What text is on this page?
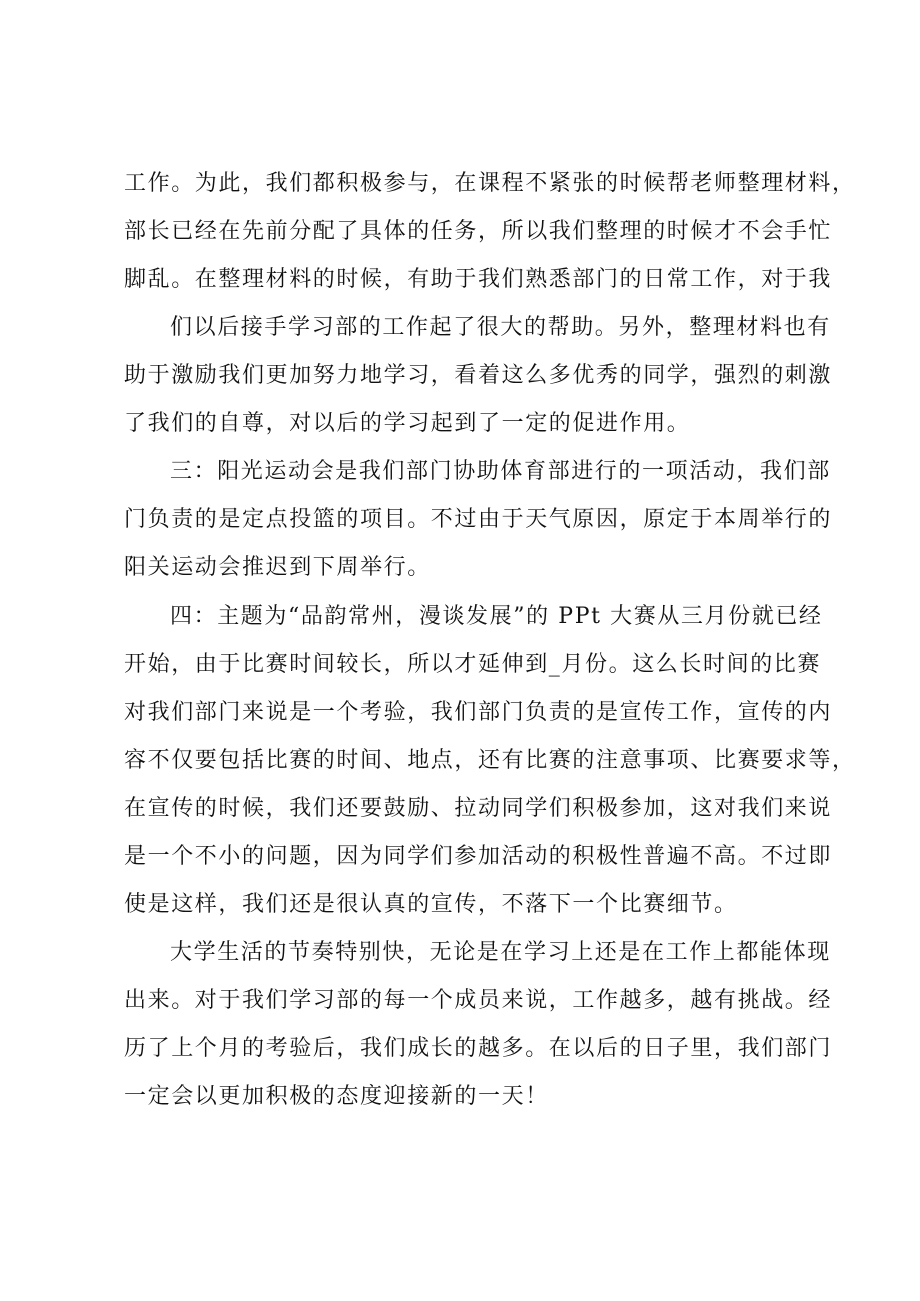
工作。为此，我们都积极参与，在课程不紧张的时候帮老师整理材料，
部长已经在先前分配了具体的任务，所以我们整理的时候才不会手忙
脚乱。在整理材料的时候，有助于我们熟悉部门的日常工作，对于我
们以后接手学习部的工作起了很大的帮助。另外，整理材料也有
助于激励我们更加努力地学习，看着这么多优秀的同学，强烈的刺激
了我们的自尊，对以后的学习起到了一定的促进作用。
三：阳光运动会是我们部门协助体育部进行的一项活动，我们部
门负责的是定点投篮的项目。不过由于天气原因，原定于本周举行的
阳关运动会推迟到下周举行。
四：主题为“品韵常州，漫谈发展”的 PPt 大赛从三月份就已经
开始，由于比赛时间较长，所以才延伸到_月份。这么长时间的比赛
对我们部门来说是一个考验，我们部门负责的是宣传工作，宣传的内
容不仅要包括比赛的时间、地点，还有比赛的注意事项、比赛要求等，
在宣传的时候，我们还要鼓励、拉动同学们积极参加，这对我们来说
是一个不小的问题，因为同学们参加活动的积极性普遍不高。不过即
使是这样，我们还是很认真的宣传，不落下一个比赛细节。
大学生活的节奏特别快，无论是在学习上还是在工作上都能体现
出来。对于我们学习部的每一个成员来说，工作越多，越有挑战。经
历了上个月的考验后，我们成长的越多。在以后的日子里，我们部门
一定会以更加积极的态度迎接新的一天！
